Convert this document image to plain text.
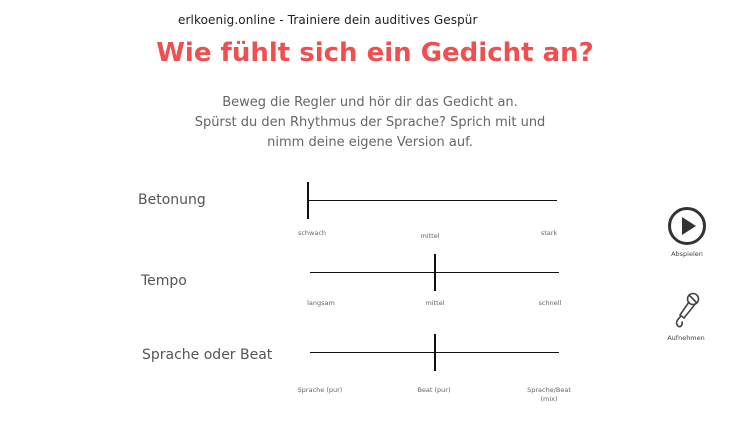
erlkoenig.online - Trainiere dein auditives Gespür
Wie fühlt sich ein Gedicht an?
Beweg die Regler und hör dir das Gedicht an.
Spürst du den Rhythmus der Sprache? Sprich mit und
nimm deine eigene Version auf.
Betonung
schwach	mittel	stark
Tempo
langsam	mittel	schnell
Sprache oder Beat
Sprache (pur)	Beat (pur)	Sprache/Beat
(mix)
Abspielen
Aufnehmen
